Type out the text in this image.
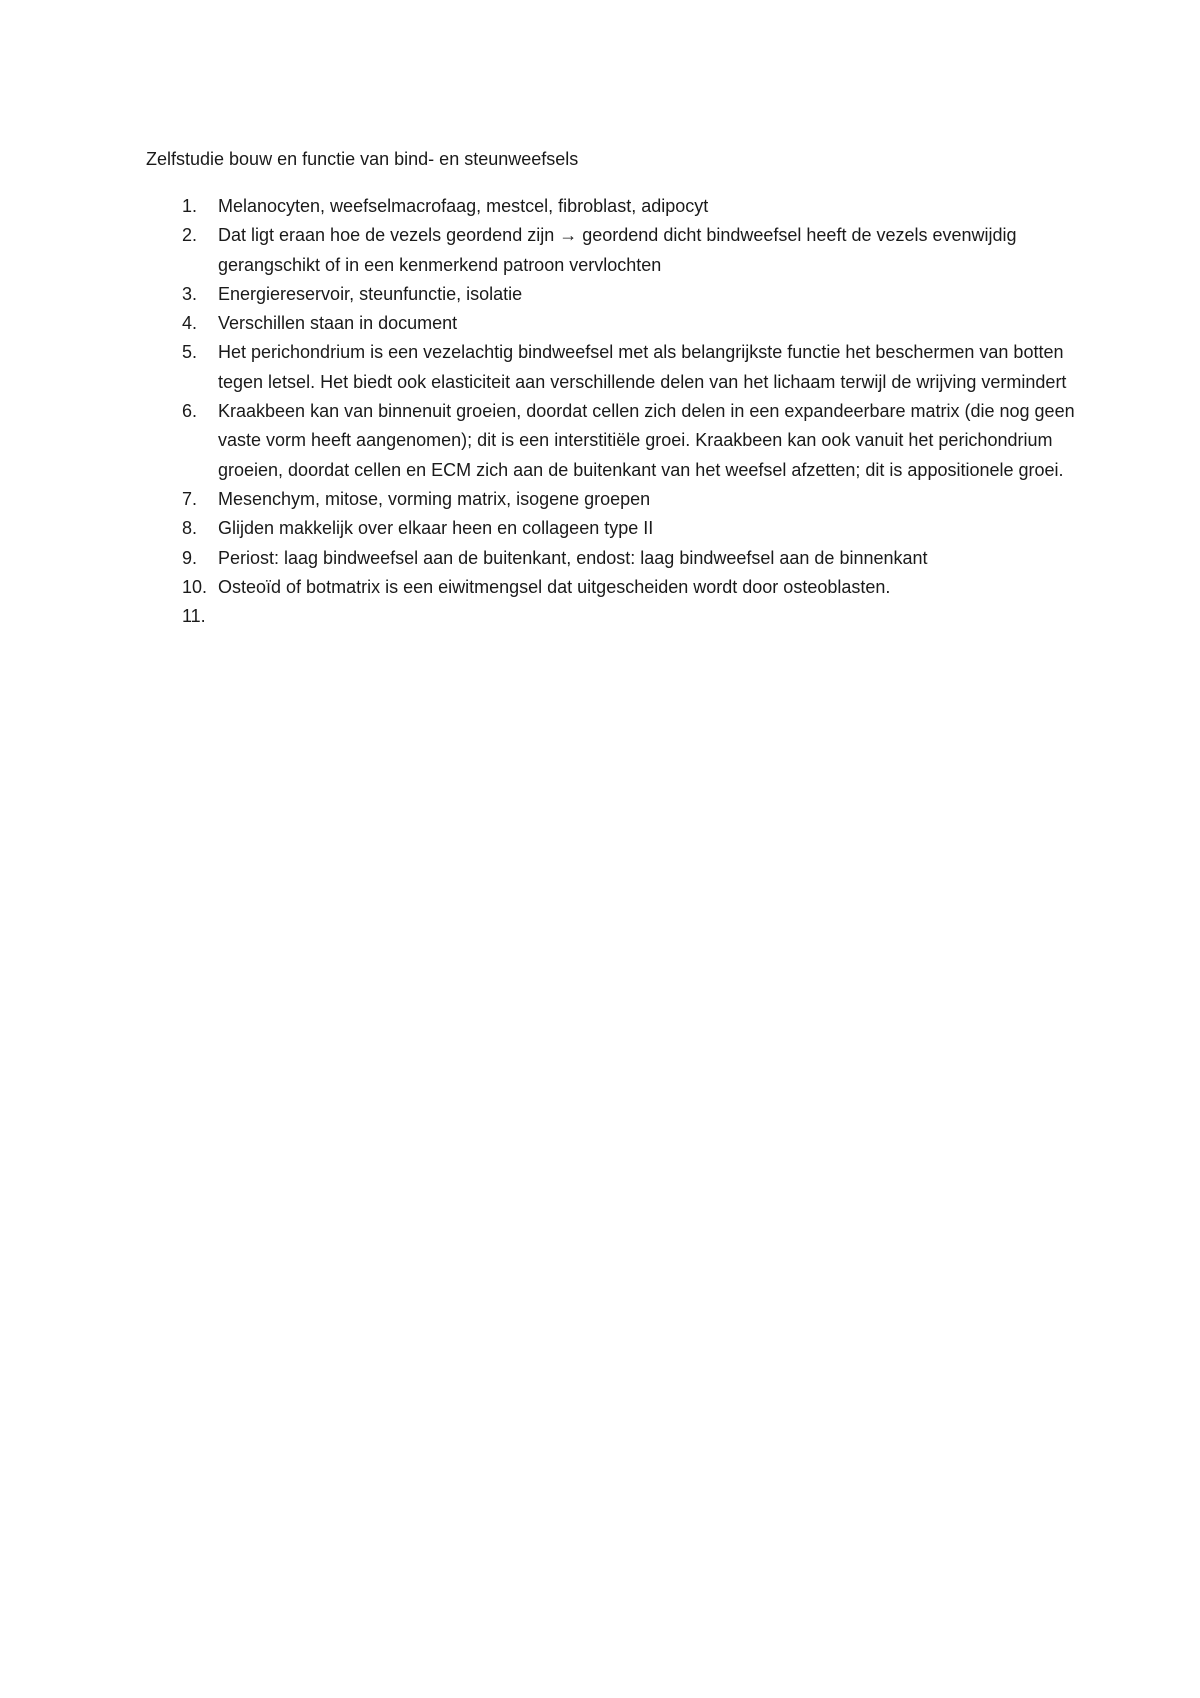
Zelfstudie bouw en functie van bind- en steunweefsels
1. Melanocyten, weefselmacrofaag, mestcel, fibroblast, adipocyt
2. Dat ligt eraan hoe de vezels geordend zijn → geordend dicht bindweefsel heeft de vezels evenwijdig gerangschikt of in een kenmerkend patroon vervlochten
3. Energiereservoir, steunfunctie, isolatie
4. Verschillen staan in document
5. Het perichondrium is een vezelachtig bindweefsel met als belangrijkste functie het beschermen van botten tegen letsel. Het biedt ook elasticiteit aan verschillende delen van het lichaam terwijl de wrijving vermindert
6. Kraakbeen kan van binnenuit groeien, doordat cellen zich delen in een expandeerbare matrix (die nog geen vaste vorm heeft aangenomen); dit is een interstitiële groei. Kraakbeen kan ook vanuit het perichondrium groeien, doordat cellen en ECM zich aan de buitenkant van het weefsel afzetten; dit is appositionele groei.
7. Mesenchym, mitose, vorming matrix, isogene groepen
8. Glijden makkelijk over elkaar heen en collageen type II
9. Periost: laag bindweefsel aan de buitenkant, endost: laag bindweefsel aan de binnenkant
10. Osteoïd of botmatrix is een eiwitmengsel dat uitgescheiden wordt door osteoblasten.
11.
